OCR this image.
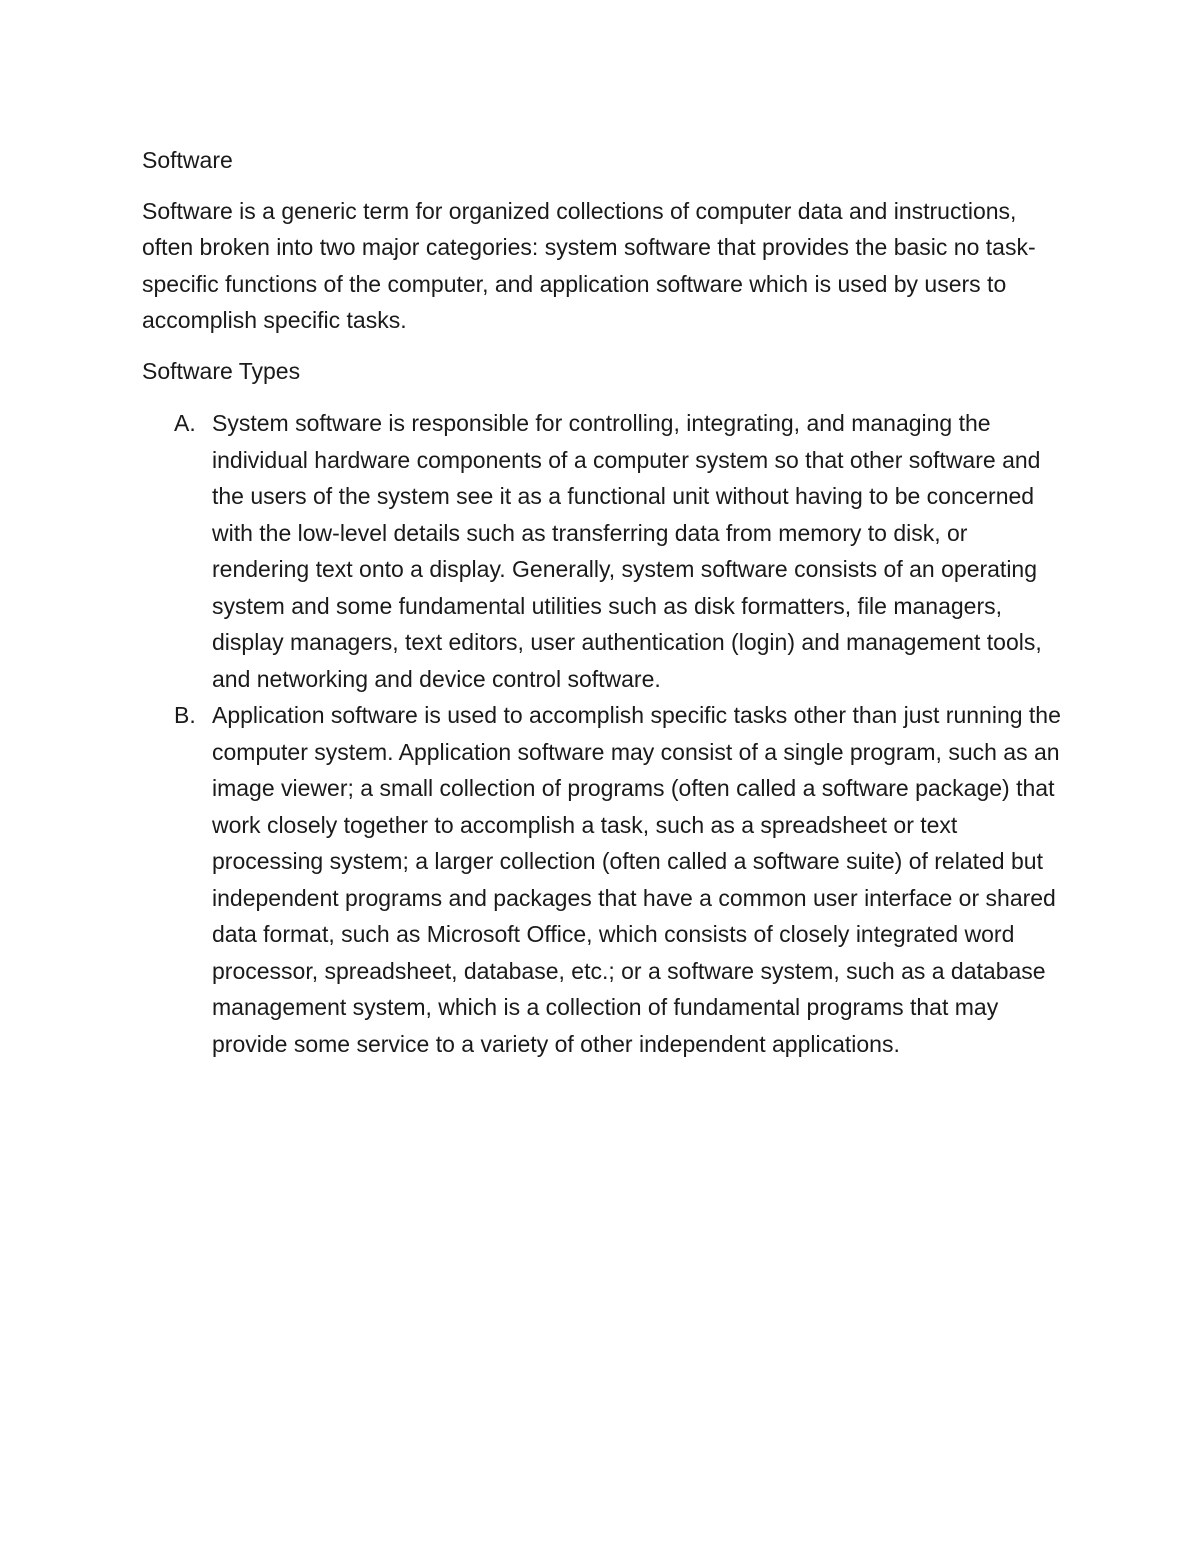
Software

Software is a generic term for organized collections of computer data and instructions, often broken into two major categories: system software that provides the basic no task-specific functions of the computer, and application software which is used by users to accomplish specific tasks.

Software Types
A. System software is responsible for controlling, integrating, and managing the individual hardware components of a computer system so that other software and the users of the system see it as a functional unit without having to be concerned with the low-level details such as transferring data from memory to disk, or rendering text onto a display. Generally, system software consists of an operating system and some fundamental utilities such as disk formatters, file managers, display managers, text editors, user authentication (login) and management tools, and networking and device control software.
B. Application software is used to accomplish specific tasks other than just running the computer system. Application software may consist of a single program, such as an image viewer; a small collection of programs (often called a software package) that work closely together to accomplish a task, such as a spreadsheet or text processing system; a larger collection (often called a software suite) of related but independent programs and packages that have a common user interface or shared data format, such as Microsoft Office, which consists of closely integrated word processor, spreadsheet, database, etc.; or a software system, such as a database management system, which is a collection of fundamental programs that may provide some service to a variety of other independent applications.
